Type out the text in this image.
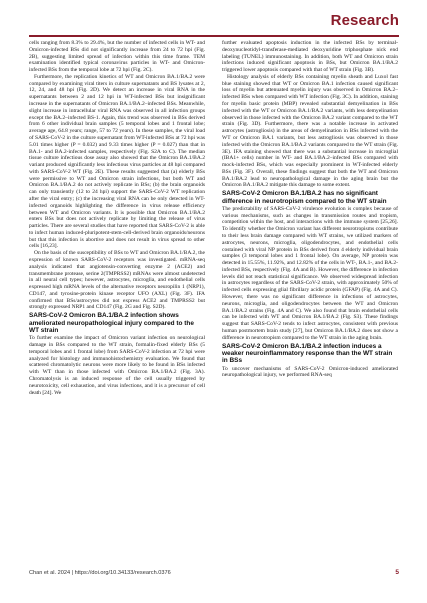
Research

cells ranging from 8.3% to 29.4%, but the number of infected cells in WT- and Omicron-infected BSs did not significantly increase from 24 to 72 hpi (Fig. 2B), suggesting limited spread of infection within this time frame. TEM examination identified typical coronavirus particles in WT- and Omicron-infected BSs from the temporal lobe at 72 hpi (Fig. 2C).

Furthermore, the replication kinetics of WT and Omicron BA.1/BA.2 were compared by examining viral titers in culture supernatants and BS lysates at 2, 12, 24, and 48 hpi (Fig. 2D). We detect an increase in viral RNA in the supernatants between 2 and 12 hpi in WT-infected BSs but insignificant increase in the supernatants of Omicron BA.1/BA.2–infected BSs. Meanwhile, slight increase in intracellular viral RNA was observed in all infection groups except the BA.2–infected BS-1. Again, this trend was observed in BSs derived from 6 other individual brain samples (5 temporal lobes and 1 frontal lobe; average age, 64.8 years; range, 57 to 72 years). In these samples, the viral load of SARS-CoV-2 in the culture supernatant from WT-infected BSs at 72 hpi was 5.01 times higher (P = 0.032) and 9.33 times higher (P = 0.027) than that in BA.1- and BA.2-infected samples, respectively (Fig. S2A to C). The median tissue culture infectious dose assay also showed that the Omicron BA.1/BA.2 variant produced significantly less infectious virus particles at 48 hpi compared with SARS-CoV-2 WT (Fig. 2E). These results suggested that (a) elderly BSs were permissive to WT and Omicron strain infections, but both WT and Omicron BA.1/BA.2 do not actively replicate in BSs; (b) the brain organoids can only transiently (12 to 24 hpi) support the SARS-CoV-2 WT replication after the viral entry; (c) the increasing viral RNA can be only detected in WT-infected organoids highlighting the difference in virus release efficiency between WT and Omicron variants. It is possible that Omicron BA.1/BA.2 enters BSs but does not actively replicate by limiting the release of virus particles. There are several studies that have reported that SARS-CoV-2 is able to infect human induced-pluripotent-stem-cell-derived brain organoids/neurons but that this infection is abortive and does not result in virus spread to other cells [16,23].

On the basis of the susceptibility of BSs to WT and Omicron BA.1/BA.2, the expression of known SARS-CoV-2 receptors was investigated. mRNA-seq analysis indicated that angiotensin-converting enzyme 2 (ACE2) and transmembrane protease, serine 2(TMPRSS2) mRNAs were almost undetected in all neural cell types; however, astrocytes, microglia, and endothelial cells expressed high mRNA levels of the alternative receptors neuropilin 1 (NRP1), CD147, and tyrosine-protein kinase receptor UFO (AXL) (Fig. 3F). IFA confirmed that BSs/astrocytes did not express ACE2 and TMPRSS2 but strongly expressed NRP1 and CD147 (Fig. 2G and Fig. S2D).

SARS-CoV-2 Omicron BA.1/BA.2 infection shows ameliorated neuropathological injury compared to the WT strain

To further examine the impact of Omicron variant infection on neurological damage in BSs compared to the WT strain, formalin-fixed elderly BSs (5 temporal lobes and 1 frontal lobe) from SARS-CoV-2 infection at 72 hpi were analyzed for histology and immunohistochemistry evaluation. We found that scattered chromatolytic neurons were more likely to be found in BSs infected with WT than in those infected with Omicron BA.1/BA.2 (Fig. 3A). Chromatolysis is an induced response of the cell usually triggered by neurotoxicity, cell exhaustion, and virus infections, and it is a precursor of cell death [24]. We

further evaluated apoptosis induction in the infected BSs by terminal-deoxynucleotidyl-transferase-mediated deoxyuridine triphosphate nick end labeling (TUNEL) immunostaining. In addition, both WT and Omicron strain infections induced significant apoptosis in BSs, but Omicron BA.1/BA.2 triggered lower apoptosis compared with that of WT strain (Fig. 3B).

Histology analysis of elderly BSs containing myelin sheath and Luxol fast blue staining showed that WT or Omicron BA.1 infection caused significant loss of myelin but attenuated myelin injury was observed in Omicron BA.2–infected BSs when compared with WT infection (Fig. 3C). In addition, staining for myelin basic protein (MBP) revealed substantial demyelination in BSs infected with the WT or Omicron BA.1/BA.2 variants, with less demyelination observed in those infected with the Omicron BA.2 variant compared to the WT strain (Fig. 3D). Furthermore, there was a notable increase in activated astrocytes (astrogliosis) in the areas of demyelination in BSs infected with the WT or Omicron BA.1 variants, but less astrogliosis was observed in those infected with the Omicron BA.1/BA.2 variants compared to the WT strain (Fig. 3E). IFA staining showed that there was a substantial increase in microglial (IBA1+ cells) number in WT- and BA.1/BA.2–infected BSs compared with mock-infected BSs, which was especially prominent in WT-infected elderly BSs (Fig. 3F). Overall, these findings suggest that both the WT and Omicron BA.1/BA.2 lead to neuropathological damage in the aging brain but the Omicron BA.1/BA.2 mitigate this damage to some extent.

SARS-CoV-2 Omicron BA.1/BA.2 has no significant difference in neurotropism compared to the WT strain

The predictability of SARS-CoV-2 virulence evolution is complex because of various mechanisms, such as changes in transmission routes and tropism, competition within the host, and interactions with the immune system [25,26]. To identify whether the Omicron variant has different neurotropisms contribute to their less brain damage compared with WT strains, we utilized markers of astrocytes, neurons, microglia, oligodendrocytes, and endothelial cells costained with viral NP protein in BSs derived from 4 elderly individual brain samples (3 temporal lobes and 1 frontal lobe). On average, NP protein was detected in 15.55%, 11.92%, and 12.82% of the cells in WT-, BA.1-, and BA.2-infected BSs, respectively (Fig. 4A and B). However, the difference in infection levels did not reach statistical significance. We observed widespread infection in astrocytes regardless of the SARS-CoV-2 strain, with approximately 50% of infected cells expressing glial fibrillary acidic protein (GFAP) (Fig. 4A and C). However, there was no significant difference in infections of astrocytes, neurons, microglia, and oligodendrocytes between the WT and Omicron BA.1/BA.2 strains (Fig. 4A and C). We also found that brain endothelial cells can be infected with WT and Omicron BA.1/BA.2 (Fig. S3). These findings suggest that SARS-CoV-2 tends to infect astrocytes, consistent with previous human postmortem brain study [27], but Omicron BA.1/BA.2 does not show a difference in neurotropism compared to the WT strain in the aging brain.

SARS-CoV-2 Omicron BA.1/BA.2 infection induces a weaker neuroinflammatory response than the WT strain in BSs

To uncover mechanisms of SARS-CoV-2 Omicron-induced ameliorated neuropathological injury, we performed RNA-seq

Chan et al. 2024 | https://doi.org/10.34133/research.0376	5
